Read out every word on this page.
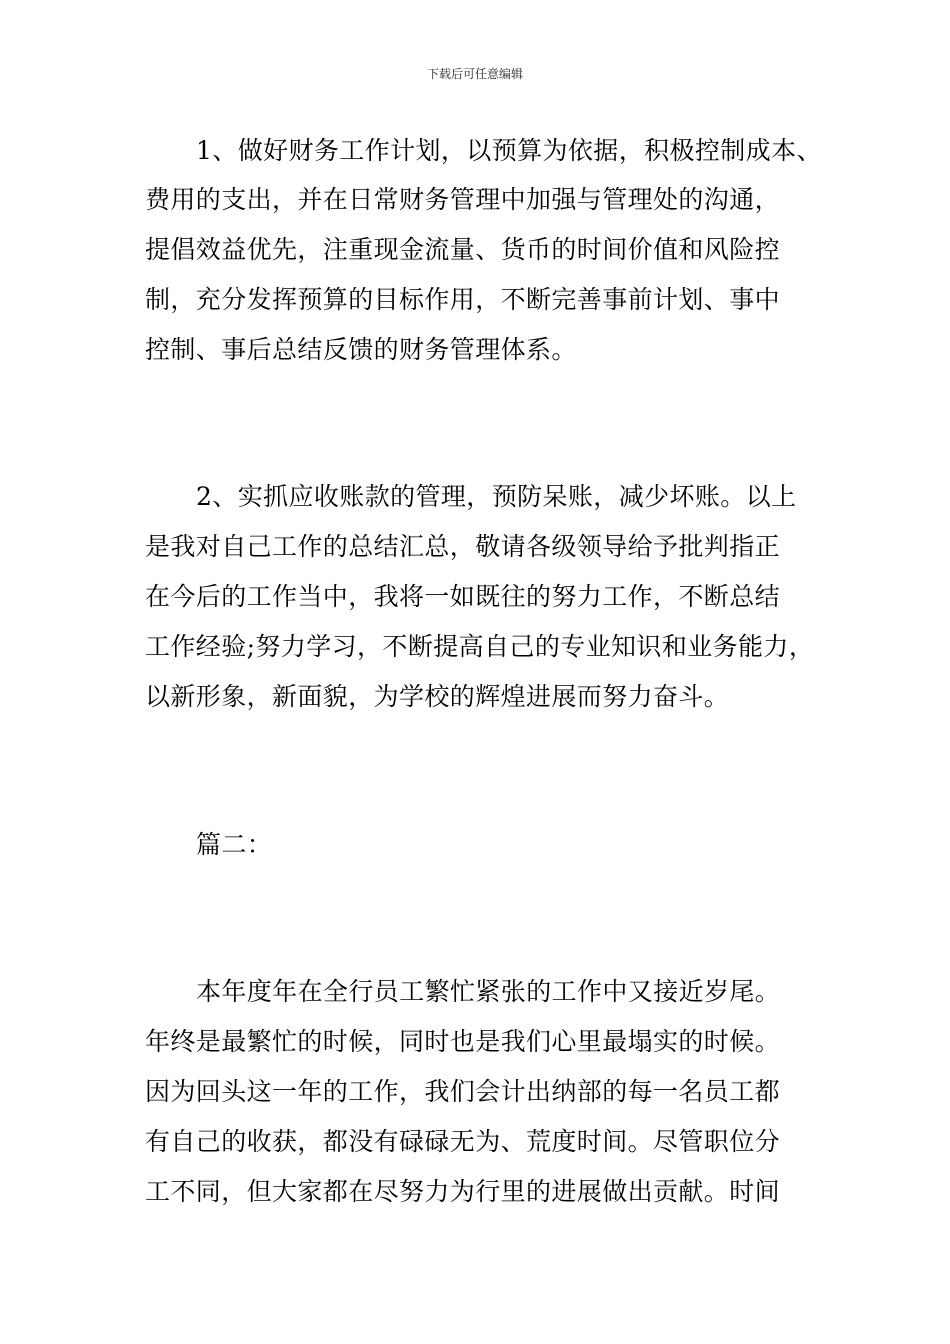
下载后可任意编辑
1、做好财务工作计划，以预算为依据，积极控制成本、
费用的支出，并在日常财务管理中加强与管理处的沟通，
提倡效益优先，注重现金流量、货币的时间价值和风险控
制，充分发挥预算的目标作用，不断完善事前计划、事中
控制、事后总结反馈的财务管理体系。
2、实抓应收账款的管理，预防呆账，减少坏账。以上
是我对自己工作的总结汇总，敬请各级领导给予批判指正
在今后的工作当中，我将一如既往的努力工作，不断总结
工作经验;努力学习，不断提高自己的专业知识和业务能力，
以新形象，新面貌，为学校的辉煌进展而努力奋斗。
篇二：
本年度年在全行员工繁忙紧张的工作中又接近岁尾。
年终是最繁忙的时候，同时也是我们心里最塌实的时候。
因为回头这一年的工作，我们会计出纳部的每一名员工都
有自己的收获，都没有碌碌无为、荒度时间。尽管职位分
工不同，但大家都在尽努力为行里的进展做出贡献。时间
